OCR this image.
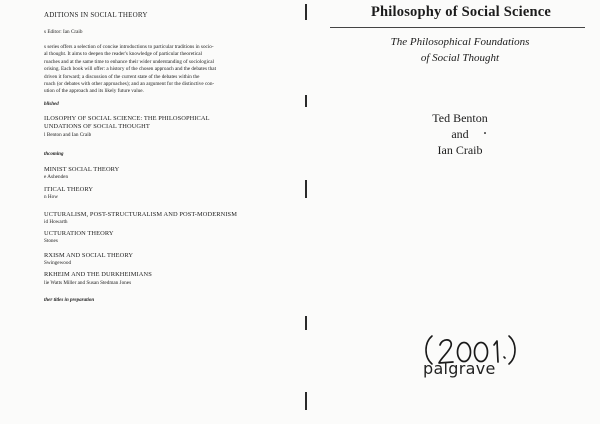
ADITIONS IN SOCIAL THEORY
s Editor: Ian Craib
s series offers a selection of concise introductions to particular traditions in socio-
al thought. It aims to deepen the reader's knowledge of particular theoretical
roaches and at the same time to enhance their wider understanding of sociological
orising. Each book will offer: a history of the chosen approach and the debates that
driven it forward; a discussion of the current state of the debates within the
roach (or debates with other approaches); and an argument for the distinctive con-
ution of the approach and its likely future value.
blished
ILOSOPHY OF SOCIAL SCIENCE: THE PHILOSOPHICAL
UNDATIONS OF SOCIAL THOUGHT
l Benton and Ian Craib
thcoming
MINIST SOCIAL THEORY
e Ashenden
ITICAL THEORY
n How
UCTURALISM, POST-STRUCTURALISM AND POST-MODERNISM
id Howarth
UCTURATION THEORY
Stones
RXISM AND SOCIAL THEORY
Swingewood
RKHEIM AND THE DURKHEIMIANS
lie Watts Miller and Susan Stedman Jones
ther titles in preparation
Philosophy of Social Science
The Philosophical Foundations
of Social Thought
Ted Benton
and
Ian Craib
palgrave
